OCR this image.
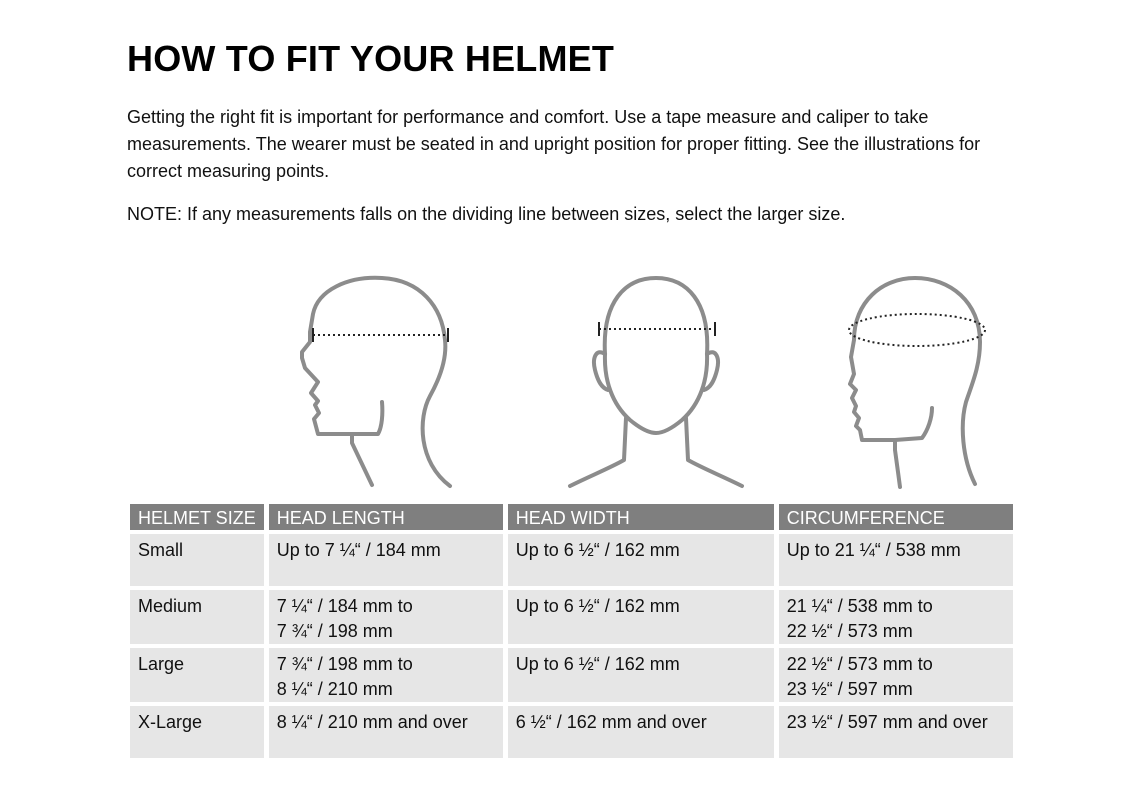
HOW TO FIT YOUR HELMET

Getting the right fit is important for performance and comfort. Use a tape measure and caliper to take measurements. The wearer must be seated in and upright position for proper fitting. See the illustrations for correct measuring points.

NOTE: If any measurements falls on the dividing line between sizes, select the larger size.

HELMET SIZE	HEAD LENGTH	HEAD WIDTH	CIRCUMFERENCE
Small	Up to 7 ¼“ / 184 mm	Up to 6 ½“ / 162 mm	Up to 21 ¼“ / 538 mm
Medium	7 ¼“ / 184 mm to
7 ¾“ / 198 mm	Up to 6 ½“ / 162 mm	21 ¼“ / 538 mm to
22 ½“ / 573 mm
Large	7 ¾“ / 198 mm to
8 ¼“ / 210 mm	Up to 6 ½“ / 162 mm	22 ½“ / 573 mm to
23 ½“ / 597 mm
X-Large	8 ¼“ / 210 mm and over	6 ½“ / 162 mm and over	23 ½“ / 597 mm and over
